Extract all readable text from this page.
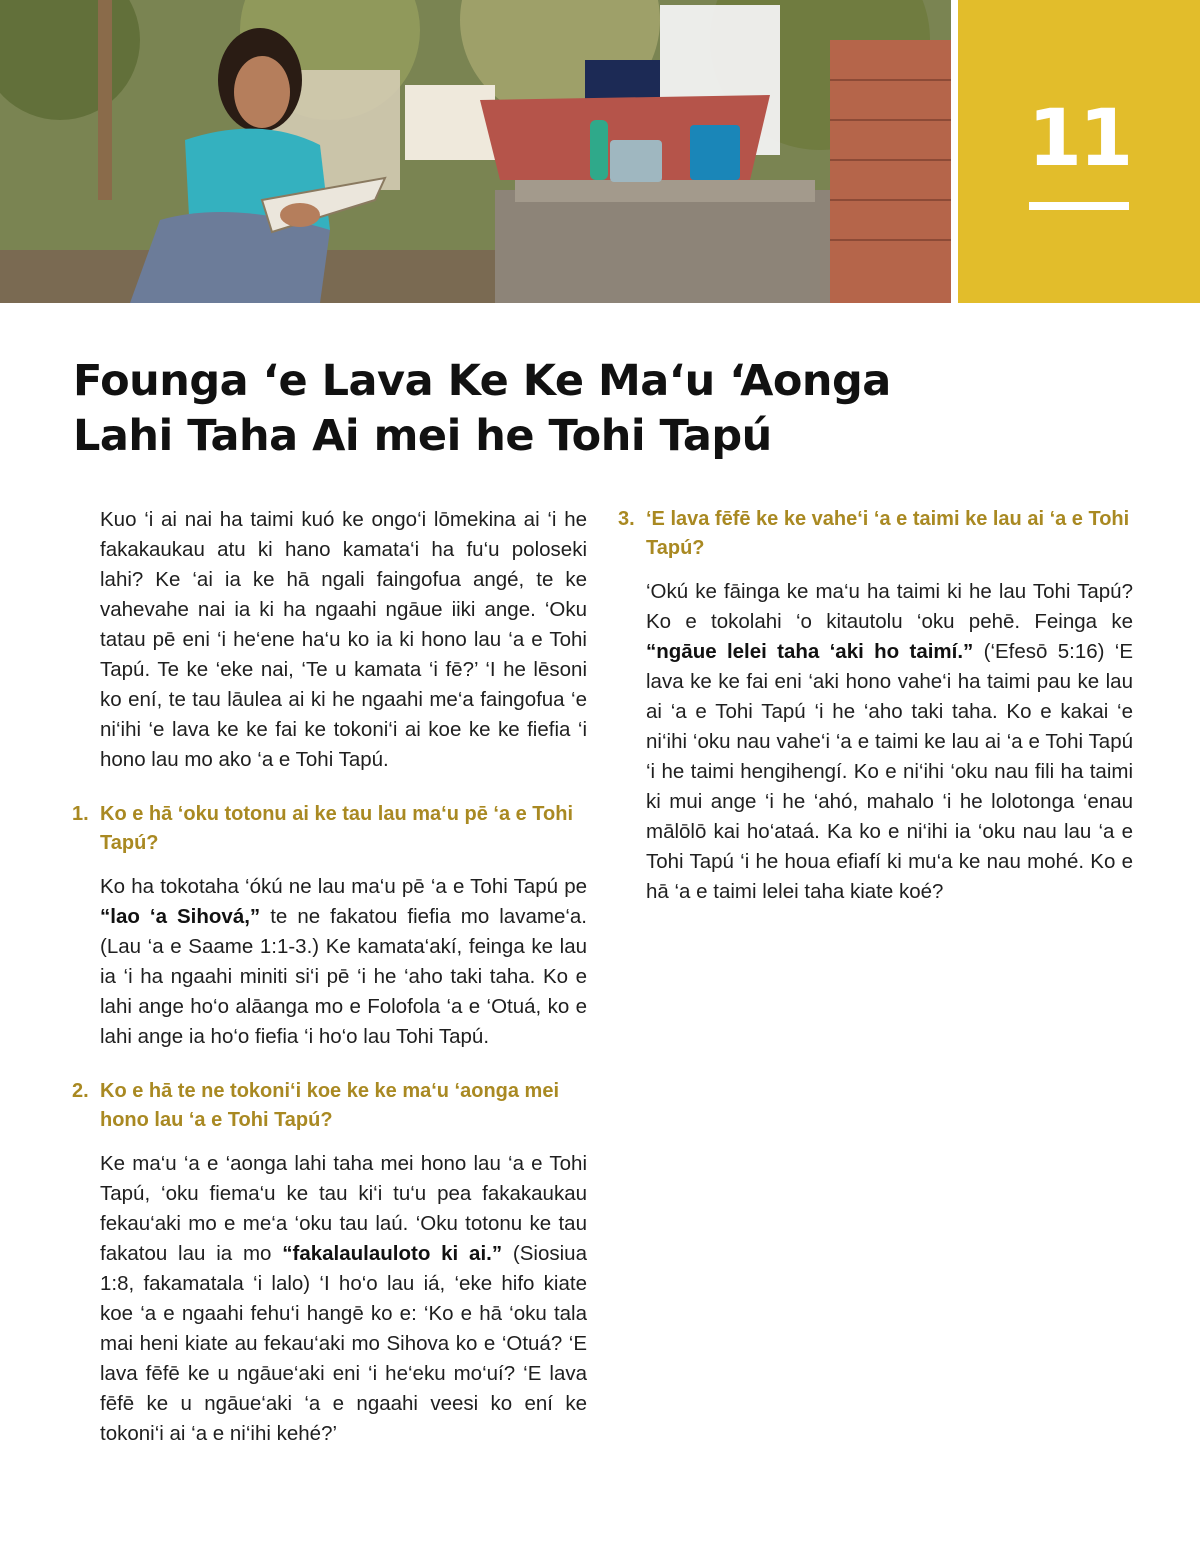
11
Founga ‘e Lava Ke Ke Ma‘u ‘Aonga
Lahi Taha Ai mei he Tohi Tapú

Kuo ‘i ai nai ha taimi kuó ke ongo‘i lōmekina ai ‘i he fakakaukau atu ki hano kamata‘i ha fu‘u poloseki lahi? Ke ‘ai ia ke hā ngali faingofua angé, te ke vahevahe nai ia ki ha ngaahi ngāue iiki ange. ‘Oku tatau pē eni ‘i he‘ene ha‘u ko ia ki hono lau ‘a e Tohi Tapú. Te ke ‘eke nai, ‘Te u kamata ‘i fē?’ ‘I he lēsoni ko ení, te tau lāulea ai ki he ngaahi me‘a faingofua ‘e ni‘ihi ‘e lava ke ke fai ke tokoni‘i ai koe ke ke fiefia ‘i hono lau mo ako ‘a e Tohi Tapú.

1. Ko e hā ‘oku totonu ai ke tau lau ma‘u pē ‘a e Tohi Tapú?

Ko ha tokotaha ‘ókú ne lau ma‘u pē ‘a e Tohi Tapú pe “lao ‘a Sihová,” te ne fakatou fiefia mo lavame‘a. (Lau ‘a e Saame 1:1-3.) Ke kamata‘akí, feinga ke lau ia ‘i ha ngaahi miniti si‘i pē ‘i he ‘aho taki taha. Ko e lahi ange ho‘o alāanga mo e Folofola ‘a e ‘Otuá, ko e lahi ange ia ho‘o fiefia ‘i ho‘o lau Tohi Tapú.

2. Ko e hā te ne tokoni‘i koe ke ke ma‘u ‘aonga mei hono lau ‘a e Tohi Tapú?

Ke ma‘u ‘a e ‘aonga lahi taha mei hono lau ‘a e Tohi Tapú, ‘oku fiema‘u ke tau ki‘i tu‘u pea fakakaukau fekau‘aki mo e me‘a ‘oku tau laú. ‘Oku totonu ke tau fakatou lau ia mo “fakalaulauloto ki ai.” (Siosiua 1:8, fakamatala ‘i lalo) ‘I ho‘o lau iá, ‘eke hifo kiate koe ‘a e ngaahi fehu‘i hangē ko e: ‘Ko e hā ‘oku tala mai heni kiate au fekau‘aki mo Sihova ko e ‘Otuá? ‘E lava fēfē ke u ngāue‘aki eni ‘i he‘eku mo‘uí? ‘E lava fēfē ke u ngāue‘aki ‘a e ngaahi veesi ko ení ke tokoni‘i ai ‘a e ni‘ihi kehé?’

3. ‘E lava fēfē ke ke vahe‘i ‘a e taimi ke lau ai ‘a e Tohi Tapú?

‘Okú ke fāinga ke ma‘u ha taimi ki he lau Tohi Tapú? Ko e tokolahi ‘o kitautolu ‘oku pehē. Feinga ke “ngāue lelei taha ‘aki ho taimí.” (‘Efesō 5:16) ‘E lava ke ke fai eni ‘aki hono vahe‘i ha taimi pau ke lau ai ‘a e Tohi Tapú ‘i he ‘aho taki taha. Ko e kakai ‘e ni‘ihi ‘oku nau vahe‘i ‘a e taimi ke lau ai ‘a e Tohi Tapú ‘i he taimi hengihengí. Ko e ni‘ihi ‘oku nau fili ha taimi ki mui ange ‘i he ‘ahó, mahalo ‘i he lolotonga ‘enau mālōlō kai ho‘ataá. Ka ko e ni‘ihi ia ‘oku nau lau ‘a e Tohi Tapú ‘i he houa efiafí ki mu‘a ke nau mohé. Ko e hā ‘a e taimi lelei taha kiate koé?
